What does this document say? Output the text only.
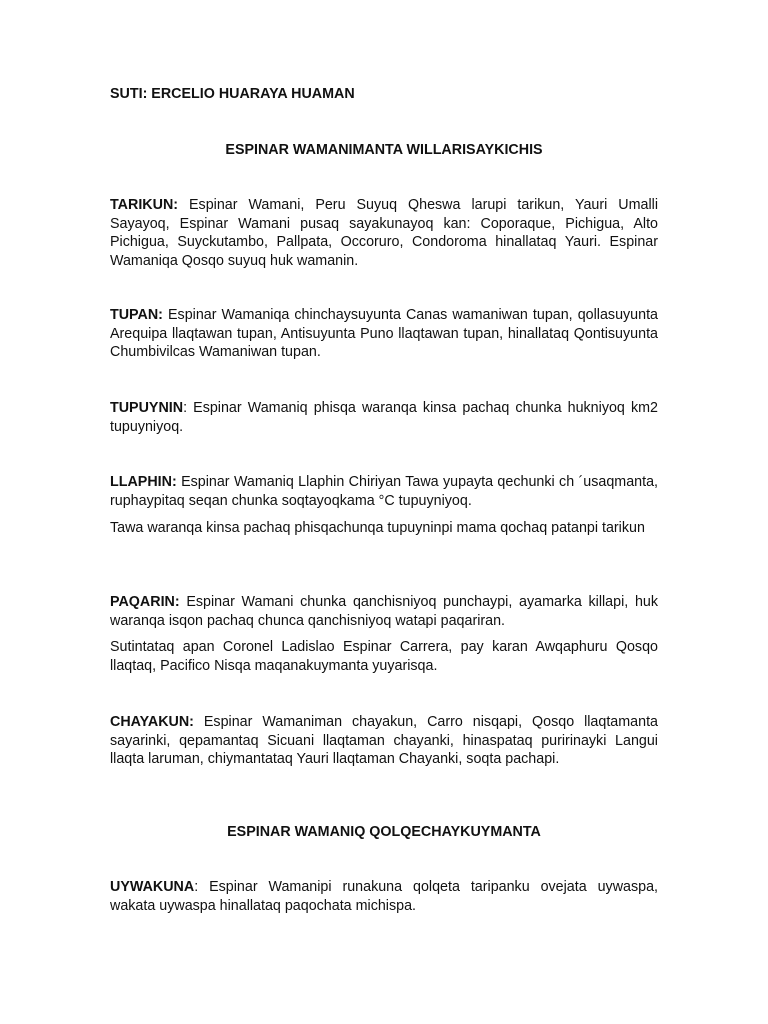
SUTI: ERCELIO HUARAYA HUAMAN
ESPINAR WAMANIMANTA WILLARISAYKICHIS

TARIKUN: Espinar Wamani, Peru Suyuq Qheswa larupi tarikun, Yauri Umalli Sayayoq, Espinar Wamani pusaq sayakunayoq kan: Coporaque, Pichigua, Alto Pichigua, Suyckutambo, Pallpata, Occoruro, Condoroma hinallataq Yauri. Espinar Wamaniqa Qosqo suyuq huk wamanin.

TUPAN: Espinar Wamaniqa chinchaysuyunta Canas wamaniwan tupan, qollasuyunta Arequipa llaqtawan tupan, Antisuyunta Puno llaqtawan tupan, hinallataq Qontisuyunta Chumbivilcas Wamaniwan tupan.

TUPUYNIN: Espinar Wamaniq phisqa waranqa kinsa pachaq chunka hukniyoq km2 tupuyniyoq.

LLAPHIN: Espinar Wamaniq Llaphin Chiriyan Tawa yupayta qechunki ch ´usaqmanta, ruphaypitaq seqan chunka soqtayoqkama °C tupuyniyoq.

Tawa waranqa kinsa pachaq phisqachunqa tupuyninpi mama qochaq patanpi tarikun

PAQARIN: Espinar Wamani chunka qanchisniyoq punchaypi, ayamarka killapi, huk waranqa isqon pachaq chunca qanchisniyoq watapi paqariran.

Sutintataq apan Coronel Ladislao Espinar Carrera, pay karan Awqaphuru Qosqo llaqtaq, Pacifico Nisqa maqanakuymanta yuyarisqa.

CHAYAKUN: Espinar Wamaniman chayakun, Carro nisqapi, Qosqo llaqtamanta sayarinki, qepamantaq Sicuani llaqtaman chayanki, hinaspataq puririnayki Langui llaqta laruman, chiymantataq Yauri llaqtaman Chayanki, soqta pachapi.

ESPINAR WAMANIQ QOLQECHAYKUYMANTA

UYWAKUNA: Espinar Wamanipi runakuna qolqeta taripanku ovejata uywaspa, wakata uywaspa hinallataq paqochata michispa.
